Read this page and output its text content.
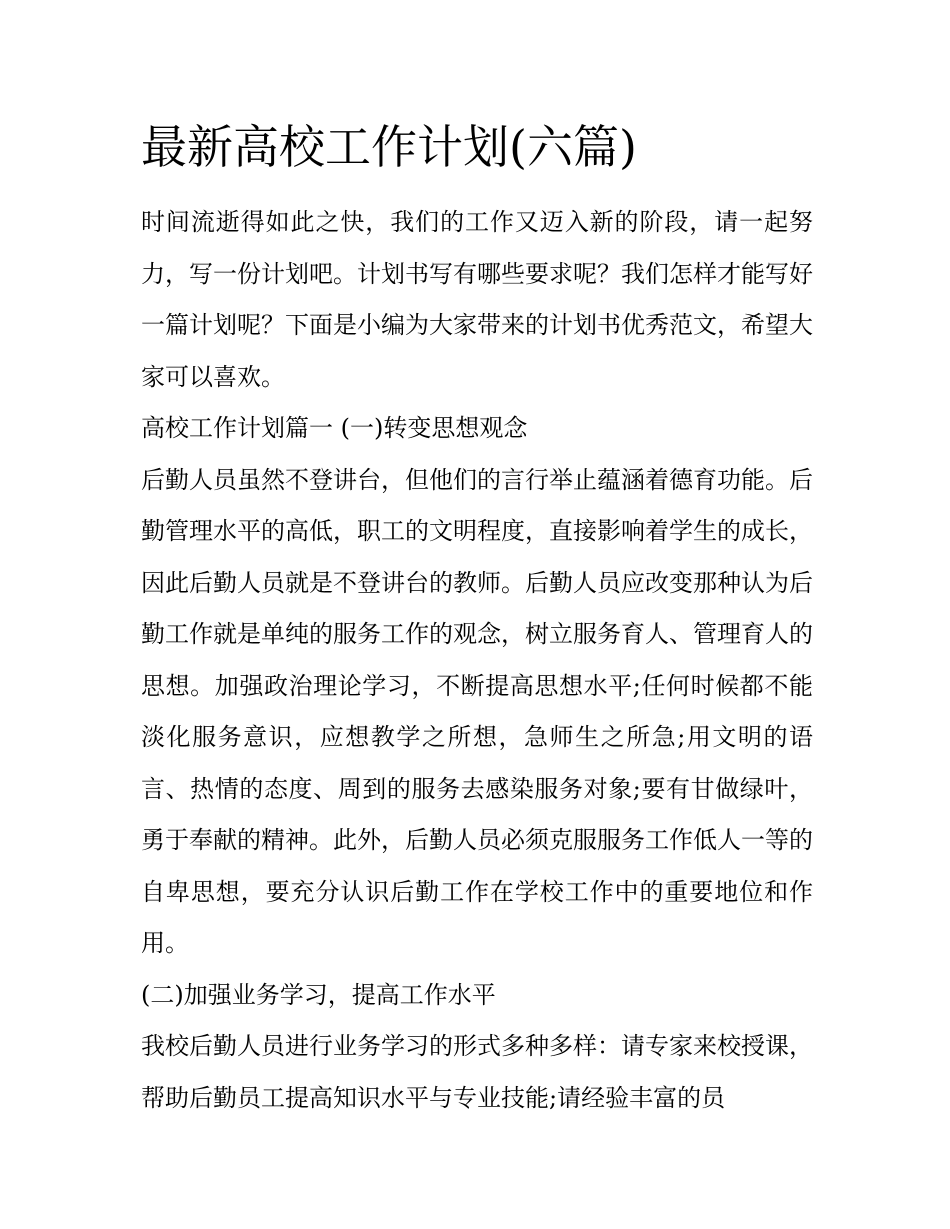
最新高校工作计划(六篇)

时间流逝得如此之快，我们的工作又迈入新的阶段，请一起努力，写一份计划吧。计划书写有哪些要求呢？我们怎样才能写好一篇计划呢？下面是小编为大家带来的计划书优秀范文，希望大家可以喜欢。

高校工作计划篇一 (一)转变思想观念

后勤人员虽然不登讲台，但他们的言行举止蕴涵着德育功能。后勤管理水平的高低，职工的文明程度，直接影响着学生的成长，因此后勤人员就是不登讲台的教师。后勤人员应改变那种认为后勤工作就是单纯的服务工作的观念，树立服务育人、管理育人的思想。加强政治理论学习，不断提高思想水平;任何时候都不能淡化服务意识，应想教学之所想，急师生之所急;用文明的语言、热情的态度、周到的服务去感染服务对象;要有甘做绿叶，勇于奉献的精神。此外，后勤人员必须克服服务工作低人一等的自卑思想，要充分认识后勤工作在学校工作中的重要地位和作用。

(二)加强业务学习，提高工作水平

我校后勤人员进行业务学习的形式多种多样：请专家来校授课，帮助后勤员工提高知识水平与专业技能;请经验丰富的员
